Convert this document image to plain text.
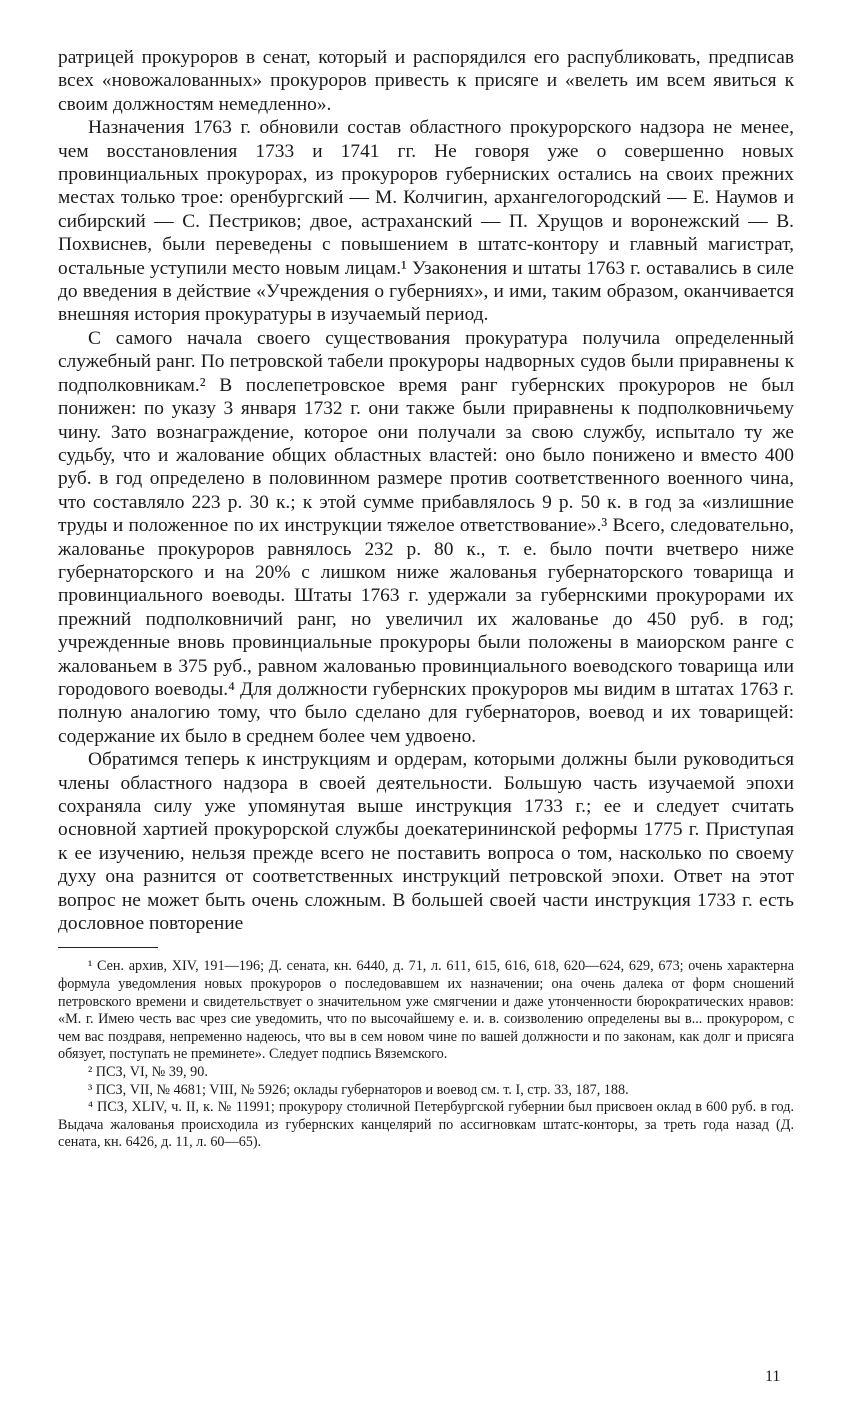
ратрицей прокуроров в сенат, который и распорядился его распубликовать, предписав всех «новожалованных» прокуроров привесть к присяге и «велеть им всем явиться к своим должностям немедленно».

Назначения 1763 г. обновили состав областного прокурорского надзора не менее, чем восстановления 1733 и 1741 гг. Не говоря уже о совершенно новых провинциальных прокурорах, из прокуроров губерниских остались на своих прежних местах только трое: оренбургский — М. Колчигин, архангелогородский — Е. Наумов и сибирский — С. Пестриков; двое, астраханский — П. Хрущов и воронежский — В. Похвиснев, были переведены с повышением в штатс-контору и главный магистрат, остальные уступили место новым лицам.¹ Узаконения и штаты 1763 г. оставались в силе до введения в действие «Учреждения о губерниях», и ими, таким образом, оканчивается внешняя история прокуратуры в изучаемый период.

С самого начала своего существования прокуратура получила определенный служебный ранг. По петровской табели прокуроры надворных судов были приравнены к подполковникам.² В послепетровское время ранг губернских прокуроров не был понижен: по указу 3 января 1732 г. они также были приравнены к подполковничьему чину. Зато вознаграждение, которое они получали за свою службу, испытало ту же судьбу, что и жалование общих областных властей: оно было понижено и вместо 400 руб. в год определено в половинном размере против соответственного военного чина, что составляло 223 р. 30 к.; к этой сумме прибавлялось 9 р. 50 к. в год за «излишние труды и положенное по их инструкции тяжелое ответствование».³ Всего, следовательно, жалованье прокуроров равнялось 232 р. 80 к., т. е. было почти вчетверо ниже губернаторского и на 20% с лишком ниже жалованья губернаторского товарища и провинциального воеводы. Штаты 1763 г. удержали за губернскими прокурорами их прежний подполковничий ранг, но увеличил их жалованье до 450 руб. в год; учрежденные вновь провинциальные прокуроры были положены в маиорском ранге с жалованьем в 375 руб., равном жалованью провинциального воеводского товарища или городового воеводы.⁴ Для должности губернских прокуроров мы видим в штатах 1763 г. полную аналогию тому, что было сделано для губернаторов, воевод и их товарищей: содержание их было в среднем более чем удвоено.

Обратимся теперь к инструкциям и ордерам, которыми должны были руководиться члены областного надзора в своей деятельности. Большую часть изучаемой эпохи сохраняла силу уже упомянутая выше инструкция 1733 г.; ее и следует считать основной хартией прокурорской службы доекатерининской реформы 1775 г. Приступая к ее изучению, нельзя прежде всего не поставить вопроса о том, насколько по своему духу она разнится от соответственных инструкций петровской эпохи. Ответ на этот вопрос не может быть очень сложным. В большей своей части инструкция 1733 г. есть дословное повторение

¹ Сен. архив, XIV, 191—196; Д. сената, кн. 6440, д. 71, л. 611, 615, 616, 618, 620—624, 629, 673; очень характерна формула уведомления новых прокуроров о последовавшем их назначении; она очень далека от форм сношений петровского времени и свидетельствует о значительном уже смягчении и даже утонченности бюрократических нравов: «М. г. Имею честь вас чрез сие уведомить, что по высочайшему е. и. в. соизволению определены вы в... прокурором, с чем вас поздравя, непременно надеюсь, что вы в сем новом чине по вашей должности и по законам, как долг и присяга обязует, поступать не преминете». Следует подпись Вяземского.

² ПСЗ, VI, № 39, 90.

³ ПСЗ, VII, № 4681; VIII, № 5926; оклады губернаторов и воевод см. т. I, стр. 33, 187, 188.

⁴ ПСЗ, XLIV, ч. II, к. № 11991; прокурору столичной Петербургской губернии был присвоен оклад в 600 руб. в год. Выдача жалованья происходила из губернских канцелярий по ассигновкам штатс-конторы, за треть года назад (Д. сената, кн. 6426, д. 11, л. 60—65).

11
